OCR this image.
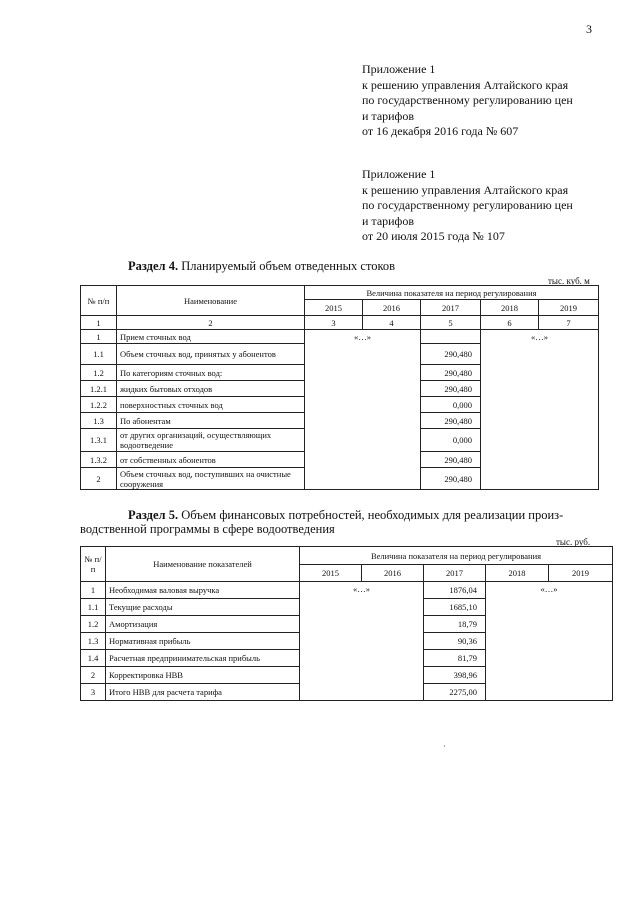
3
Приложение 1
к решению управления Алтайского края
по государственному регулированию цен
и тарифов
от 16 декабря 2016 года № 607
Приложение 1
к решению управления Алтайского края
по государственному регулированию цен
и тарифов
от 20 июля 2015 года № 107
Раздел 4. Планируемый объем отведенных стоков
тыс. куб. м
№ п/п	Наименование	Величина показателя на период регулирования				
		2015	2016	2017	2018	2019
1	2	3	4	5	6	7
1	Прием сточных вод	«…»			«…»	
1.1	Объем сточных вод, принятых у абонентов			290,480		
1.2	По категориям сточных вод:			290,480		
1.2.1	жидких бытовых отходов			290,480		
1.2.2	поверхностных сточных вод			0,000		
1.3	По абонентам			290,480		
1.3.1	от других организаций, осуществляющих водоотведение			0,000		
1.3.2	от собственных абонентов			290,480		
2	Объем сточных вод, поступивших на очистные сооружения			290,480		
Раздел 5. Объем финансовых потребностей, необходимых для реализации произ-
водственной программы в сфере водоотведения
тыс. руб.
№ п/ п	Наименование показателей	Величина показателя на период регулирования				
		2015	2016	2017	2018	2019
1	Необходимая валовая выручка	«…»		1876,04	«…»	
1.1	Текущие расходы			1685,10		
1.2	Амортизация			18,79		
1.3	Нормативная прибыль			90,36		
1.4	Расчетная предпринимательская прибыль			81,79		
2	Корректировка НВВ			398,96		
3	Итого НВВ для расчета тарифа			2275,00		
·
